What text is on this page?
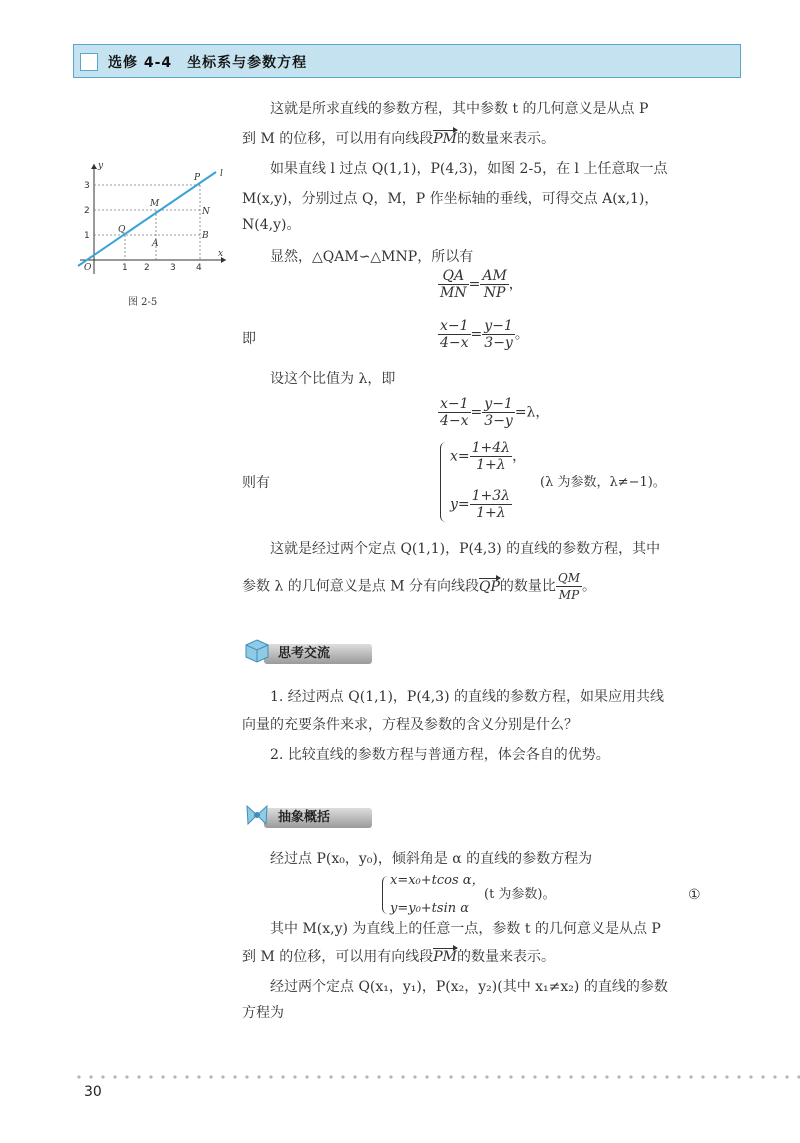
选修 4-4　坐标系与参数方程
x
y
O
Q
M
P
N
A
B
l
1 2 3 4
1
2
3
图 2-5
这就是所求直线的参数方程，其中参数 t 的几何意义是从点 P
到 M 的位移，可以用有向线段PM的数量来表示。
如果直线 l 过点 Q(1,1)，P(4,3)，如图 2-5，在 l 上任意取一点
M(x,y)，分别过点 Q，M，P 作坐标轴的垂线，可得交点 A(x,1)，
N(4,y)。
显然，△QAM∽△MNP，所以有
$\frac{QA}{MN} = \frac{AM}{NP}$ ，
即	$\frac{x-1}{4-x} = \frac{y-1}{3-y}$ 。
设这个比值为 λ，即
$\frac{x-1}{4-x} = \frac{y-1}{3-y} =\lambda$，
则有
$x= \frac{1+4\lambda}{1+\lambda}$ ，
$y= \frac{1+3\lambda}{1+\lambda}$
(λ 为参数，λ≠−1)。
这就是经过两个定点 Q(1,1)，P(4,3) 的直线的参数方程，其中
参数 λ 的几何意义是点 M 分有向线段QP的数量比 $\frac{QM}{MP}$ 。
思考交流
1. 经过两点 Q(1,1)，P(4,3) 的直线的参数方程，如果应用共线
向量的充要条件来求，方程及参数的含义分别是什么？
2. 比较直线的参数方程与普通方程，体会各自的优势。
抽象概括
经过点 P(x₀，y₀)，倾斜角是 α 的直线的参数方程为
x=x₀+tcos α，
y=y₀+tsin α
(t 为参数)。	①
其中 M(x,y) 为直线上的任意一点，参数 t 的几何意义是从点 P
到 M 的位移，可以用有向线段PM的数量来表示。
经过两个定点 Q(x₁，y₁)，P(x₂，y₂)(其中 x₁≠x₂) 的直线的参数
方程为
30
